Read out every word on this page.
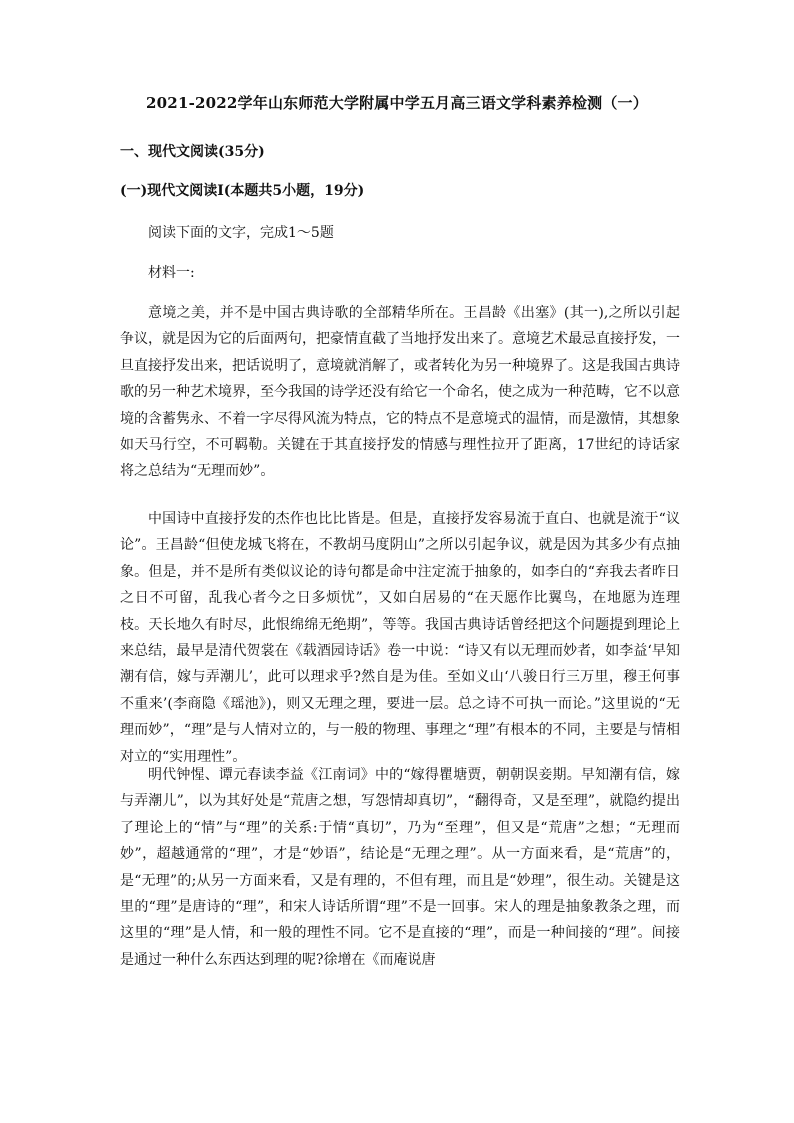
2021-2022学年山东师范大学附属中学五月高三语文学科素养检测（一）
一、现代文阅读(35分)
(一)现代文阅读Ⅰ(本题共5小题，19分)
阅读下面的文字，完成1～5题
材料一:

意境之美，并不是中国古典诗歌的全部精华所在。王昌龄《出塞》(其一),之所以引起争议，就是因为它的后面两句，把豪情直截了当地抒发出来了。意境艺术最忌直接抒发，一旦直接抒发出来，把话说明了，意境就消解了，或者转化为另一种境界了。这是我国古典诗歌的另一种艺术境界，至今我国的诗学还没有给它一个命名，使之成为一种范畴，它不以意境的含蓄隽永、不着一字尽得风流为特点，它的特点不是意境式的温情，而是激情，其想象如天马行空，不可羁勒。关键在于其直接抒发的情感与理性拉开了距离，17世纪的诗话家将之总结为“无理而妙”。

中国诗中直接抒发的杰作也比比皆是。但是，直接抒发容易流于直白、也就是流于“议论”。王昌龄“但使龙城飞将在，不教胡马度阴山”之所以引起争议，就是因为其多少有点抽象。但是，并不是所有类似议论的诗句都是命中注定流于抽象的，如李白的“弃我去者昨日之日不可留，乱我心者今之日多烦忧”，又如白居易的“在天愿作比翼鸟，在地愿为连理枝。天长地久有时尽，此恨绵绵无绝期”，等等。我国古典诗话曾经把这个问题提到理论上来总结，最早是清代贺裳在《载酒园诗话》卷一中说：“诗又有以无理而妙者，如李益‘早知潮有信，嫁与弄潮儿’，此可以理求乎?然自是为佳。至如义山‘八骏日行三万里，穆王何事不重来’(李商隐《瑶池》)，则又无理之理，要进一层。总之诗不可执一而论。”这里说的“无理而妙”，“理”是与人情对立的，与一般的物理、事理之“理”有根本的不同，主要是与情相对立的“实用理性”。

明代钟惺、谭元春读李益《江南词》中的“嫁得瞿塘贾，朝朝误妾期。早知潮有信，嫁与弄潮儿”，以为其好处是“荒唐之想，写怨情却真切”，“翻得奇，又是至理”，就隐约提出了理论上的“情”与“理”的关系:于情“真切”，乃为“至理”，但又是“荒唐”之想；“无理而妙”，超越通常的“理”，才是“妙语”，结论是“无理之理”。从一方面来看，是“荒唐”的，是“无理”的;从另一方面来看，又是有理的，不但有理，而且是“妙理”，很生动。关键是这里的“理”是唐诗的“理”，和宋人诗话所谓“理”不是一回事。宋人的理是抽象教条之理，而这里的“理”是人情，和一般的理性不同。它不是直接的“理”，而是一种间接的“理”。间接是通过一种什么东西达到理的呢?徐增在《而庵说唐
